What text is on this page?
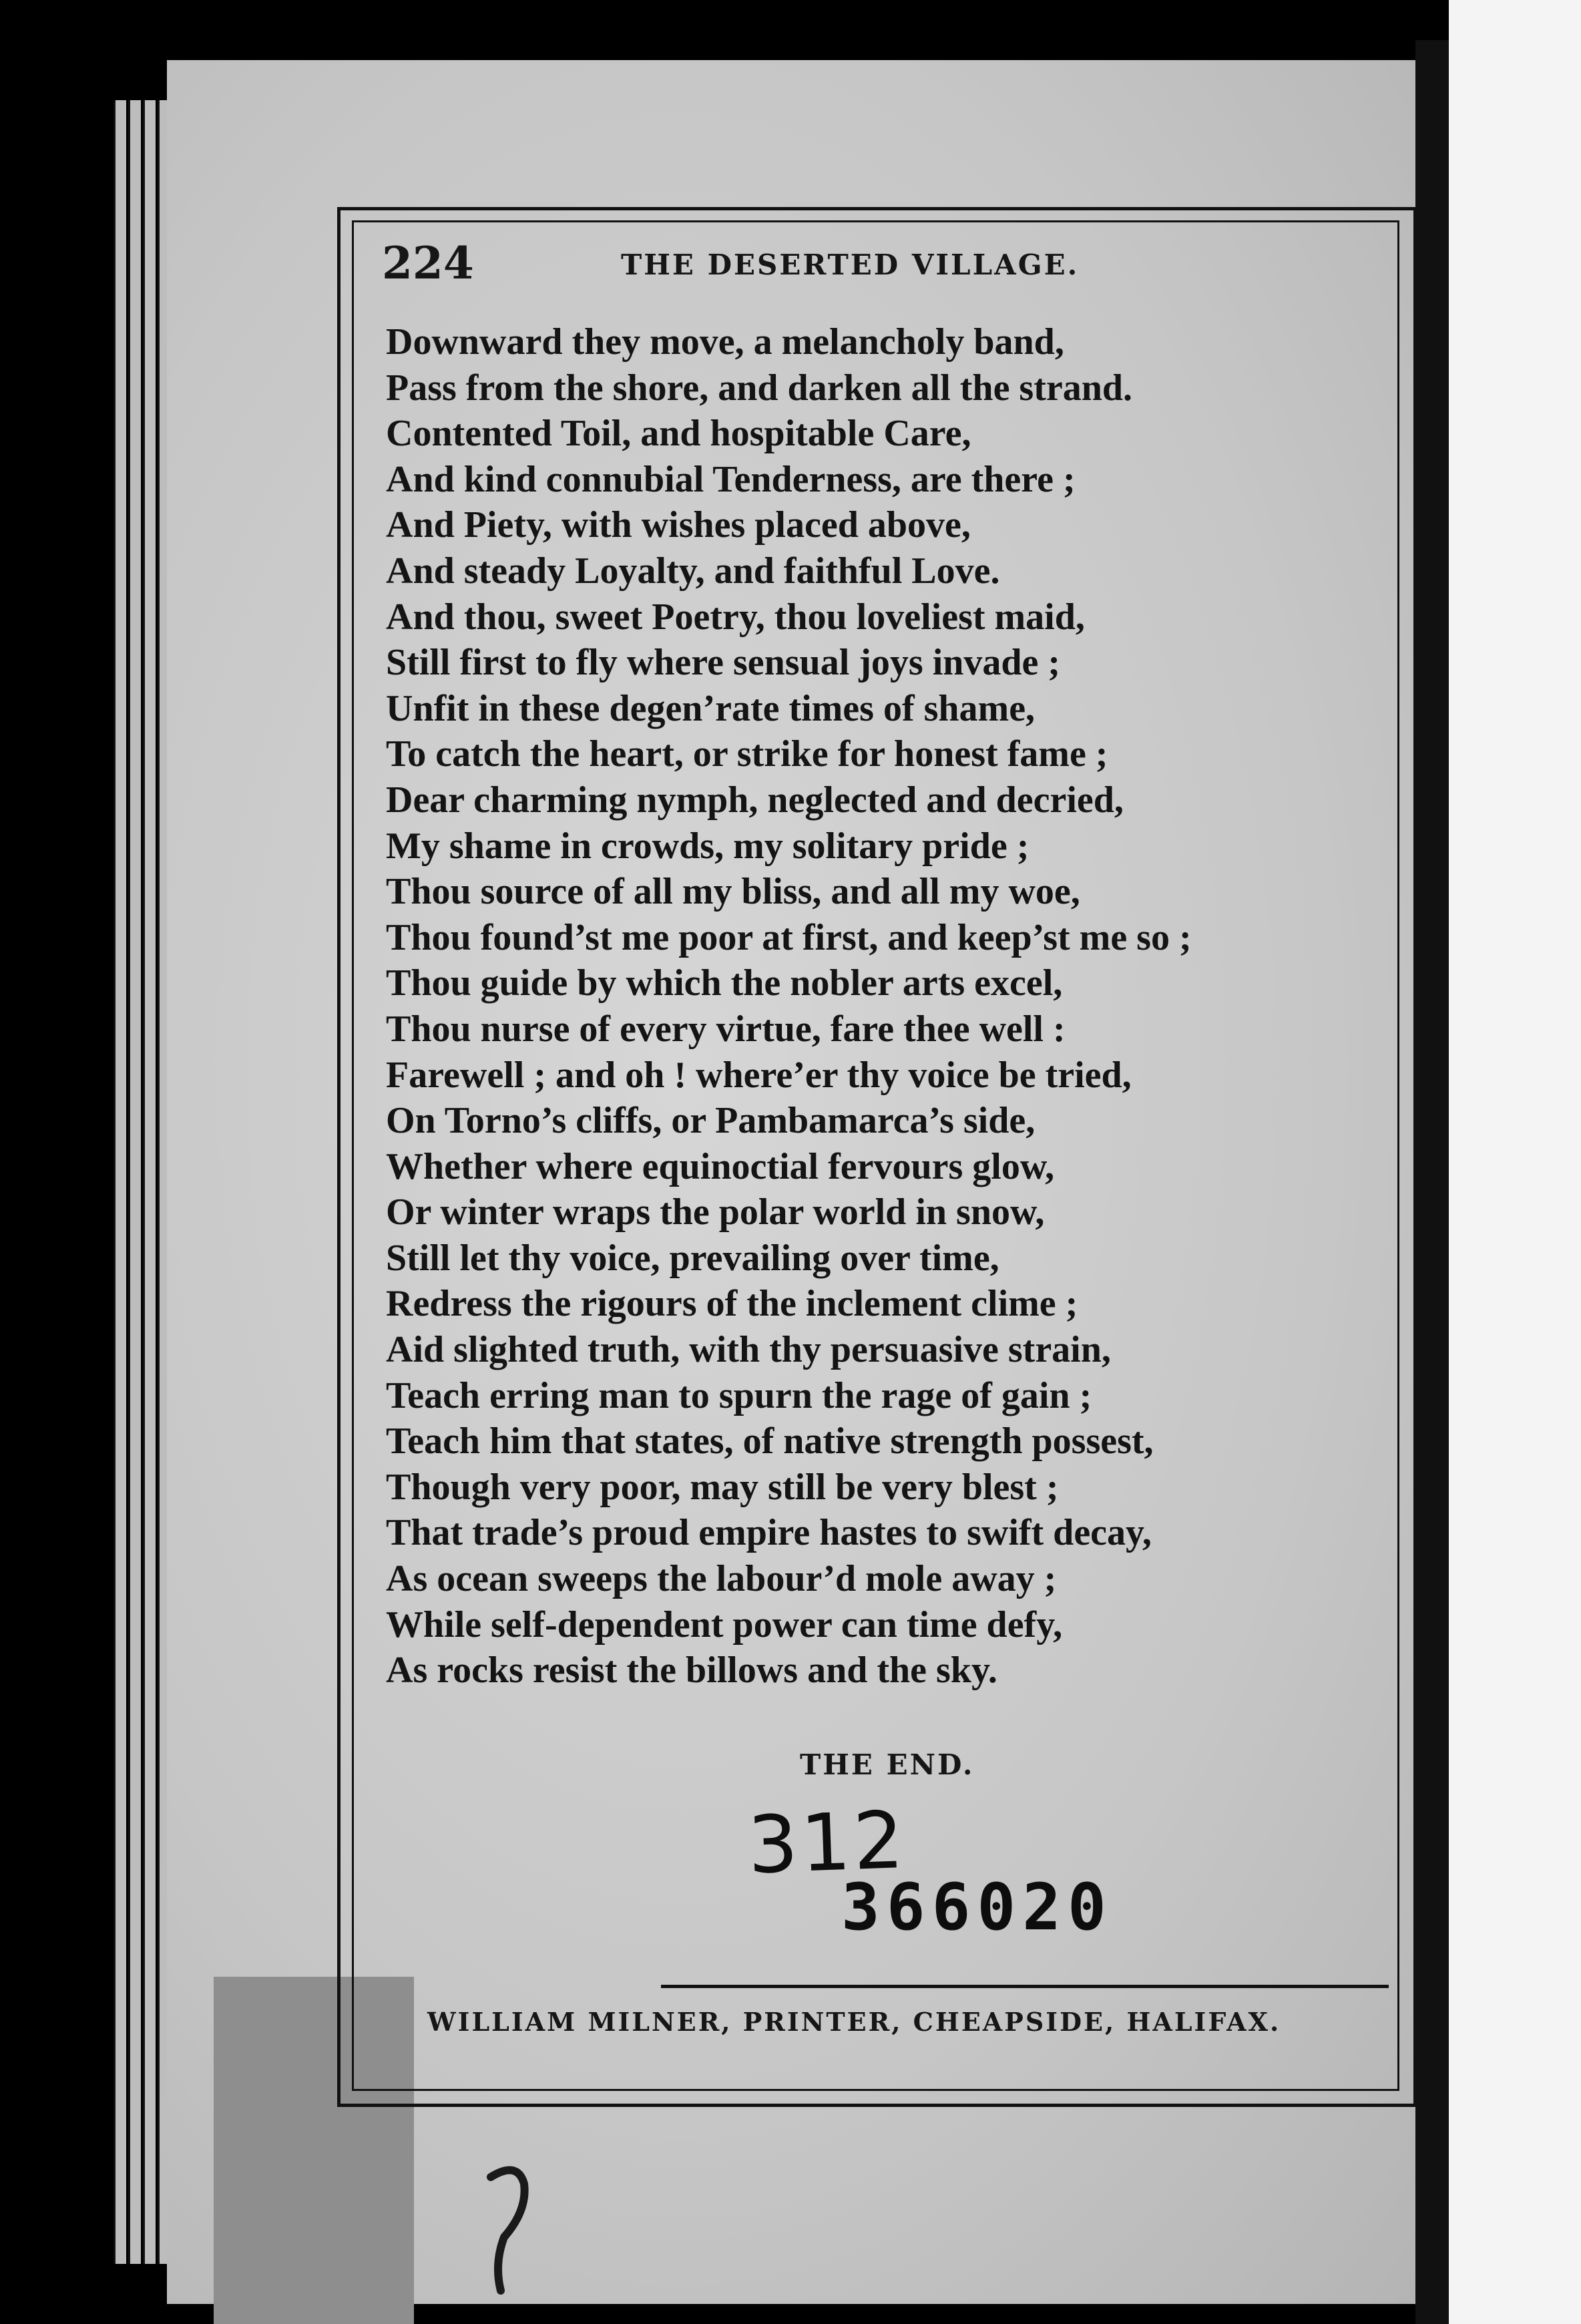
224	THE DESERTED VILLAGE.
Downward they move, a melancholy band,
Pass from the shore, and darken all the strand.
Contented Toil, and hospitable Care,
And kind connubial Tenderness, are there ;
And Piety, with wishes placed above,
And steady Loyalty, and faithful Love.
And thou, sweet Poetry, thou loveliest maid,
Still first to fly where sensual joys invade ;
Unfit in these degen’rate times of shame,
To catch the heart, or strike for honest fame ;
Dear charming nymph, neglected and decried,
My shame in crowds, my solitary pride ;
Thou source of all my bliss, and all my woe,
Thou found’st me poor at first, and keep’st me so ;
Thou guide by which the nobler arts excel,
Thou nurse of every virtue, fare thee well :
Farewell ; and oh ! where’er thy voice be tried,
On Torno’s cliffs, or Pambamarca’s side,
Whether where equinoctial fervours glow,
Or winter wraps the polar world in snow,
Still let thy voice, prevailing over time,
Redress the rigours of the inclement clime ;
Aid slighted truth, with thy persuasive strain,
Teach erring man to spurn the rage of gain ;
Teach him that states, of native strength possest,
Though very poor, may still be very blest ;
That trade’s proud empire hastes to swift decay,
As ocean sweeps the labour’d mole away ;
While self-dependent power can time defy,
As rocks resist the billows and the sky.
THE END.
312
366020
WILLIAM MILNER, PRINTER, CHEAPSIDE, HALIFAX.
